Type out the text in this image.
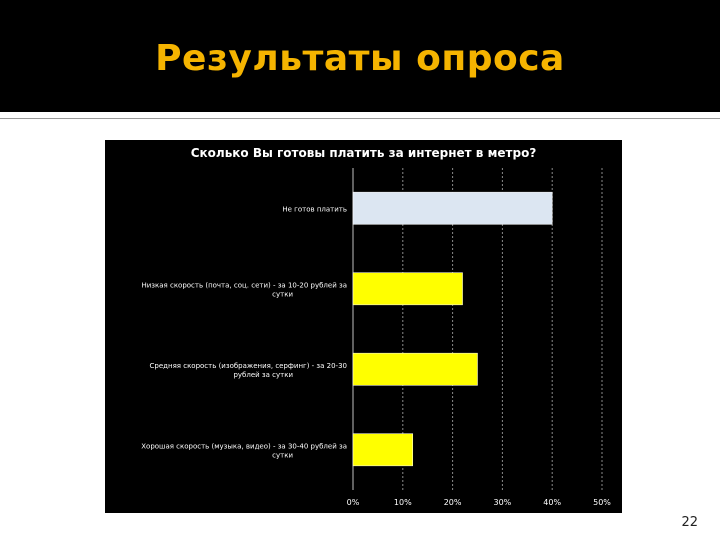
Результаты опроса
Сколько Вы готовы платить за интернет в метро?
0%	10%	20%	30%	40%	50%
Не готов платить
Низкая скорость (почта, соц. сети) - за 10-20 рублей за сутки
Средняя скорость (изображения, серфинг) - за 20-30 рублей за сутки
Хорошая скорость (музыка, видео) - за 30-40 рублей за сутки
22
